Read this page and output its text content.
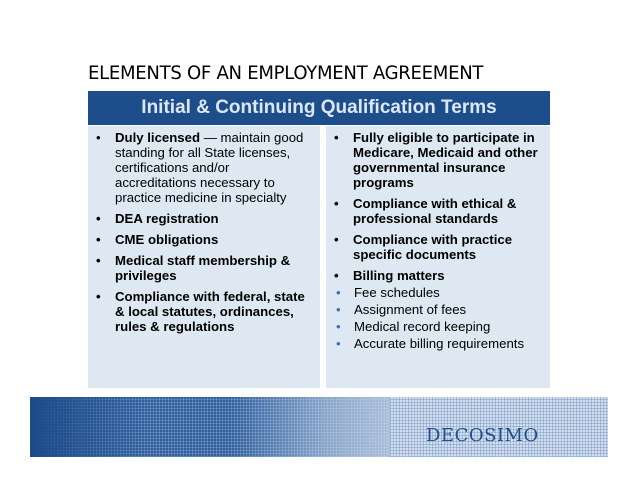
ELEMENTS OF AN EMPLOYMENT AGREEMENT
Initial & Continuing Qualification Terms
• Duly licensed — maintain good standing for all State licenses, certifications and/or accreditations necessary to practice medicine in specialty
• DEA registration
• CME obligations
• Medical staff membership & privileges
• Compliance with federal, state & local statutes, ordinances, rules & regulations
• Fully eligible to participate in Medicare, Medicaid and other governmental insurance programs
• Compliance with ethical & professional standards
• Compliance with practice specific documents
• Billing matters
• Fee schedules
• Assignment of fees
• Medical record keeping
• Accurate billing requirements
DECOSIMO
